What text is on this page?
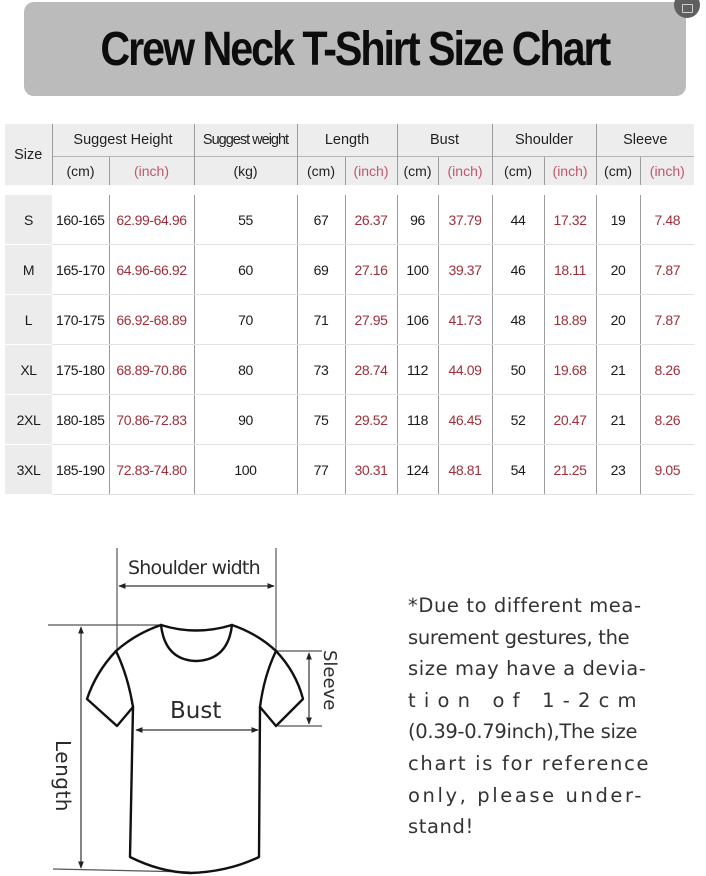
Crew Neck T-Shirt Size Chart
Size	Suggest Height		Suggest weight	Length		Bust		Shoulder		Sleeve	
	(cm)	(inch)	(kg)	(cm)	(inch)	(cm)	(inch)	(cm)	(inch)	(cm)	(inch)
S	160-165	62.99-64.96	55	67	26.37	96	37.79	44	17.32	19	7.48
M	165-170	64.96-66.92	60	69	27.16	100	39.37	46	18.11	20	7.87
L	170-175	66.92-68.89	70	71	27.95	106	41.73	48	18.89	20	7.87
XL	175-180	68.89-70.86	80	73	28.74	112	44.09	50	19.68	21	8.26
2XL	180-185	70.86-72.83	90	75	29.52	118	46.45	52	20.47	21	8.26
3XL	185-190	72.83-74.80	100	77	30.31	124	48.81	54	21.25	23	9.05
Shoulder width
Bust
Length
Sleeve
*Due to different mea-
surement gestures, the
size may have a devia-
tion of 1-2cm
(0.39-0.79inch),The size
chart is for reference
only, please under-
stand!
